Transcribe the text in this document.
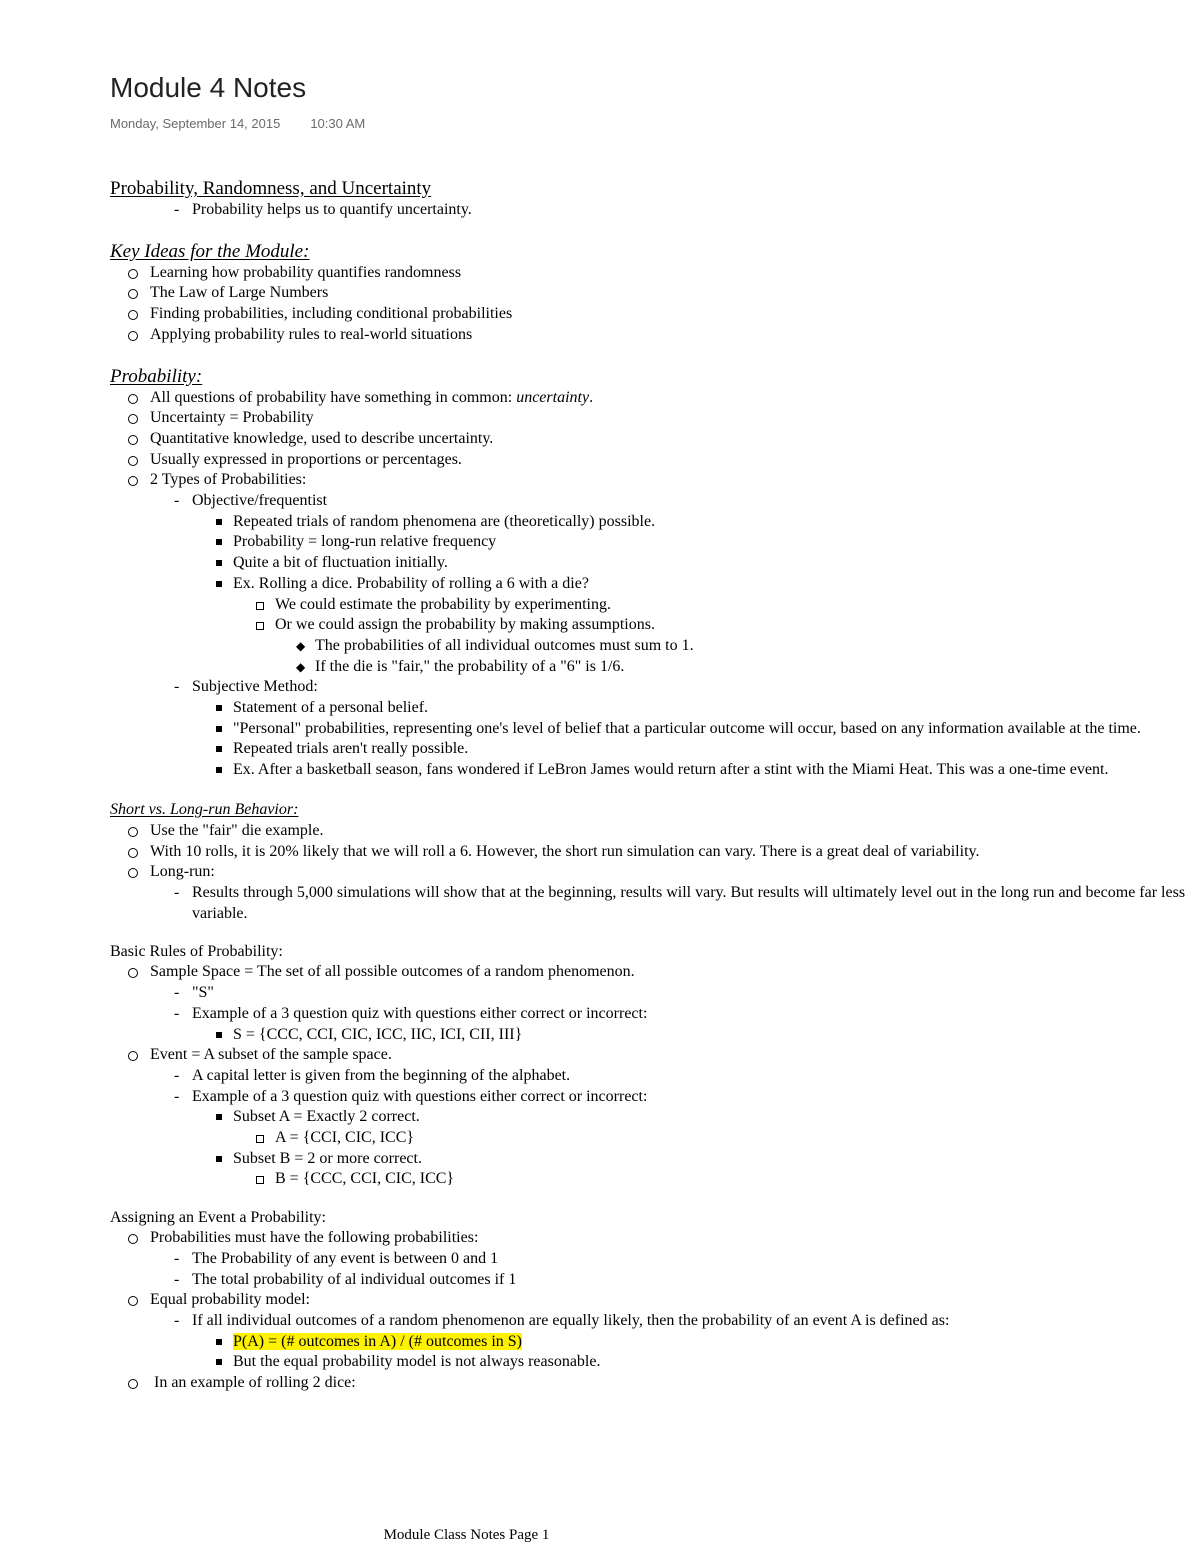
Module 4 Notes
Monday, September 14, 2015 10:30 AM
Probability, Randomness, and Uncertainty
- Probability helps us to quantify uncertainty.
Key Ideas for the Module:
Learning how probability quantifies randomness
The Law of Large Numbers
Finding probabilities, including conditional probabilities
Applying probability rules to real-world situations
Probability:
All questions of probability have something in common: uncertainty.
Uncertainty = Probability
Quantitative knowledge, used to describe uncertainty.
Usually expressed in proportions or percentages.
2 Types of Probabilities:
- Objective/frequentist
Repeated trials of random phenomena are (theoretically) possible.
Probability = long-run relative frequency
Quite a bit of fluctuation initially.
Ex. Rolling a dice. Probability of rolling a 6 with a die?
We could estimate the probability by experimenting.
Or we could assign the probability by making assumptions.
◆ The probabilities of all individual outcomes must sum to 1.
◆ If the die is "fair," the probability of a "6" is 1/6.
- Subjective Method:
Statement of a personal belief.
"Personal" probabilities, representing one's level of belief that a particular outcome will occur, based on any information available at the time.
Repeated trials aren't really possible.
Ex. After a basketball season, fans wondered if LeBron James would return after a stint with the Miami Heat. This was a one-time event.
Short vs. Long-run Behavior:
Use the "fair" die example.
With 10 rolls, it is 20% likely that we will roll a 6. However, the short run simulation can vary. There is a great deal of variability.
Long-run:
- Results through 5,000 simulations will show that at the beginning, results will vary. But results will ultimately level out in the long run and become far less variable.
Basic Rules of Probability:
Sample Space = The set of all possible outcomes of a random phenomenon.
- "S"
- Example of a 3 question quiz with questions either correct or incorrect:
S = {CCC, CCI, CIC, ICC, IIC, ICI, CII, III}
Event = A subset of the sample space.
- A capital letter is given from the beginning of the alphabet.
- Example of a 3 question quiz with questions either correct or incorrect:
Subset A = Exactly 2 correct.
A = {CCI, CIC, ICC}
Subset B = 2 or more correct.
B = {CCC, CCI, CIC, ICC}
Assigning an Event a Probability:
Probabilities must have the following probabilities:
- The Probability of any event is between 0 and 1
- The total probability of al individual outcomes if 1
Equal probability model:
- If all individual outcomes of a random phenomenon are equally likely, then the probability of an event A is defined as:
P(A) = (# outcomes in A) / (# outcomes in S)
But the equal probability model is not always reasonable.
In an example of rolling 2 dice:
Module Class Notes Page 1
